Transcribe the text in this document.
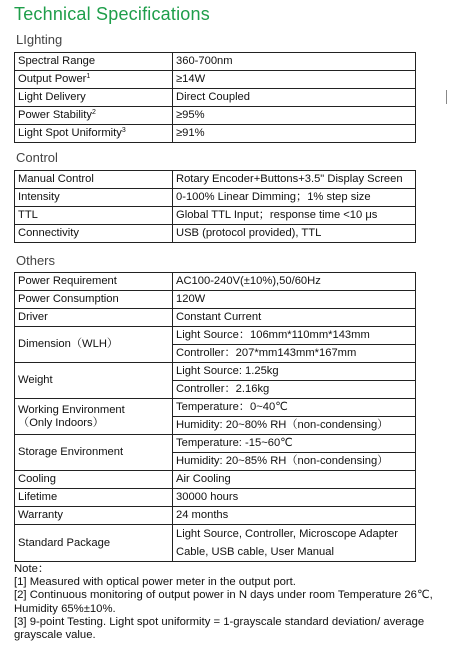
Technical Specifications
LIghting
Spectral Range	360-700nm
Output Power$^1$	≥14W
Light Delivery	Direct Coupled
Power Stability$^2$	≥95%
Light Spot Uniformity$^3$	≥91%
Control
Manual Control	Rotary Encoder+Buttons+3.5" Display Screen
Intensity	0-100% Linear Dimming；1% step size
TTL	Global TTL Input；response time <10 μs
Connectivity	USB (protocol provided), TTL
Others
Power Requirement	AC100-240V(±10%),50/60Hz
Power Consumption	120W
Driver	Constant Current
Dimension（WLH）	Light Source：106mm*110mm*143mm
Controller：207*mm143mm*167mm

Weight	Light Source: 1.25kg
Controller：2.16kg

Working Environment
（Only Indoors）	Temperature：0~40℃
Humidity: 20~80% RH（non-condensing）

Storage Environment	Temperature: -15~60℃
Humidity: 20~85% RH（non-condensing）

Cooling	Air Cooling
Lifetime	30000 hours
Warranty	24 months
Standard Package	Light Source, Controller, Microscope Adapter
Cable, USB cable, User Manual

Note：

[1] Measured with optical power meter in the output port.

[2] Continuous monitoring of output power in N days under room Temperature 26℃, Humidity 65%±10%.

[3] 9-point Testing. Light spot uniformity = 1-grayscale standard deviation/ average grayscale value.
